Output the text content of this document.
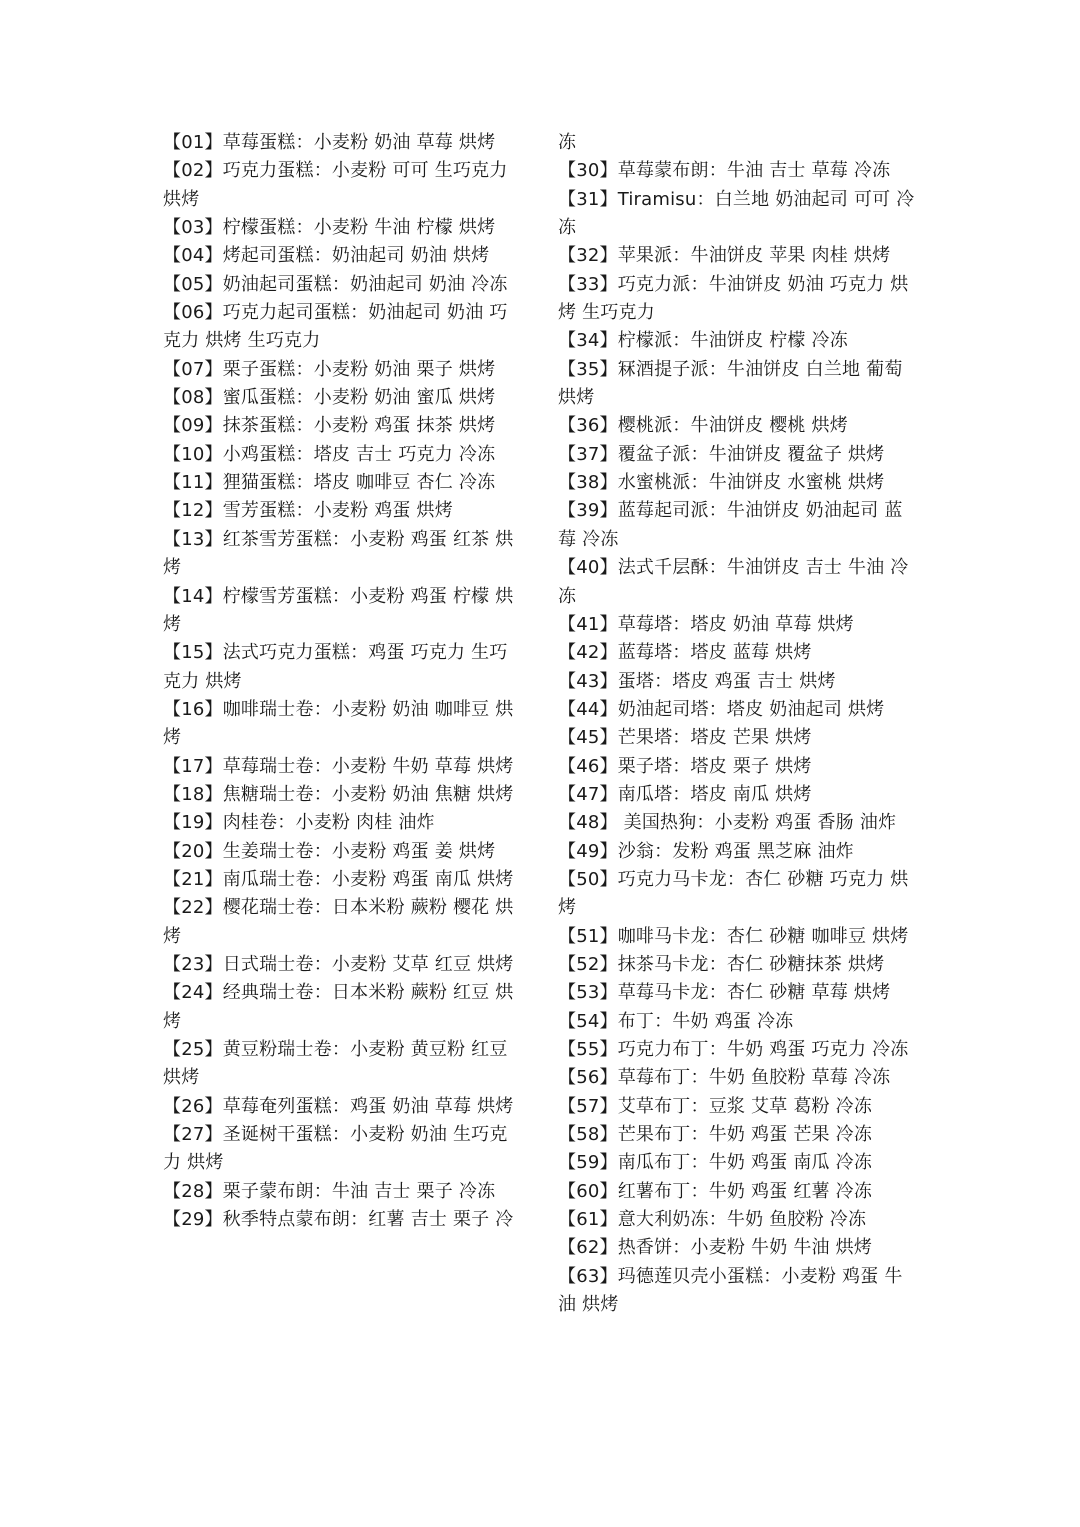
【01】草莓蛋糕：小麦粉 奶油 草莓 烘烤

【02】巧克力蛋糕：小麦粉 可可 生巧克力 烘烤

【03】柠檬蛋糕：小麦粉 牛油 柠檬 烘烤

【04】烤起司蛋糕：奶油起司 奶油 烘烤

【05】奶油起司蛋糕：奶油起司 奶油 冷冻

【06】巧克力起司蛋糕：奶油起司 奶油 巧克力 烘烤 生巧克力

【07】栗子蛋糕：小麦粉 奶油 栗子 烘烤

【08】蜜瓜蛋糕：小麦粉 奶油 蜜瓜 烘烤

【09】抹茶蛋糕：小麦粉 鸡蛋 抹茶 烘烤

【10】小鸡蛋糕：塔皮 吉士 巧克力 冷冻

【11】狸猫蛋糕：塔皮 咖啡豆 杏仁 冷冻

【12】雪芳蛋糕：小麦粉 鸡蛋 烘烤

【13】红茶雪芳蛋糕：小麦粉 鸡蛋 红茶 烘烤

【14】柠檬雪芳蛋糕：小麦粉 鸡蛋 柠檬 烘烤

【15】法式巧克力蛋糕：鸡蛋 巧克力 生巧克力 烘烤

【16】咖啡瑞士卷：小麦粉 奶油 咖啡豆 烘烤

【17】草莓瑞士卷：小麦粉 牛奶 草莓 烘烤

【18】焦糖瑞士卷：小麦粉 奶油 焦糖 烘烤

【19】肉桂卷：小麦粉 肉桂 油炸

【20】生姜瑞士卷：小麦粉 鸡蛋 姜 烘烤

【21】南瓜瑞士卷：小麦粉 鸡蛋 南瓜 烘烤

【22】樱花瑞士卷：日本米粉 蕨粉 樱花 烘烤

【23】日式瑞士卷：小麦粉 艾草 红豆 烘烤

【24】经典瑞士卷：日本米粉 蕨粉 红豆 烘烤

【25】黄豆粉瑞士卷：小麦粉 黄豆粉 红豆 烘烤

【26】草莓奄列蛋糕：鸡蛋 奶油 草莓 烘烤

【27】圣诞树干蛋糕：小麦粉 奶油 生巧克力 烘烤

【28】栗子蒙布朗：牛油 吉士 栗子 冷冻

【29】秋季特点蒙布朗：红薯 吉士 栗子 冷

冻

【30】草莓蒙布朗：牛油 吉士 草莓 冷冻

【31】Tiramisu：白兰地 奶油起司 可可 冷冻

【32】苹果派：牛油饼皮 苹果 肉桂 烘烤

【33】巧克力派：牛油饼皮 奶油 巧克力 烘烤 生巧克力

【34】柠檬派：牛油饼皮 柠檬 冷冻

【35】冧酒提子派：牛油饼皮 白兰地 葡萄 烘烤

【36】樱桃派：牛油饼皮 樱桃 烘烤

【37】覆盆子派：牛油饼皮 覆盆子 烘烤

【38】水蜜桃派：牛油饼皮 水蜜桃 烘烤

【39】蓝莓起司派：牛油饼皮 奶油起司 蓝莓 冷冻

【40】法式千层酥：牛油饼皮 吉士 牛油 冷冻

【41】草莓塔：塔皮 奶油 草莓 烘烤

【42】蓝莓塔：塔皮 蓝莓 烘烤

【43】蛋塔：塔皮 鸡蛋 吉士 烘烤

【44】奶油起司塔：塔皮 奶油起司 烘烤

【45】芒果塔：塔皮 芒果 烘烤

【46】栗子塔：塔皮 栗子 烘烤

【47】南瓜塔：塔皮 南瓜 烘烤

【48】 美国热狗：小麦粉 鸡蛋 香肠 油炸

【49】沙翁：发粉 鸡蛋 黑芝麻 油炸

【50】巧克力马卡龙：杏仁 砂糖 巧克力 烘烤

【51】咖啡马卡龙：杏仁 砂糖 咖啡豆 烘烤

【52】抹茶马卡龙：杏仁 砂糖抹茶 烘烤

【53】草莓马卡龙：杏仁 砂糖 草莓 烘烤

【54】布丁：牛奶 鸡蛋 冷冻

【55】巧克力布丁：牛奶 鸡蛋 巧克力 冷冻

【56】草莓布丁：牛奶 鱼胶粉 草莓 冷冻

【57】艾草布丁：豆浆 艾草 葛粉 冷冻

【58】芒果布丁：牛奶 鸡蛋 芒果 冷冻

【59】南瓜布丁：牛奶 鸡蛋 南瓜 冷冻

【60】红薯布丁：牛奶 鸡蛋 红薯 冷冻

【61】意大利奶冻：牛奶 鱼胶粉 冷冻

【62】热香饼：小麦粉 牛奶 牛油 烘烤

【63】玛德莲贝壳小蛋糕：小麦粉 鸡蛋 牛油 烘烤
